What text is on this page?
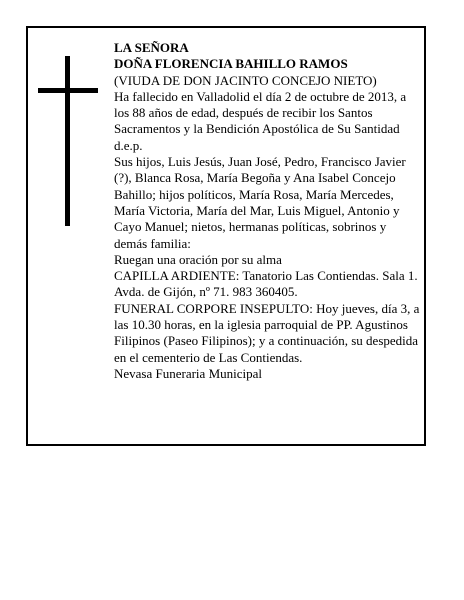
LA SEÑORA

DOÑA FLORENCIA BAHILLO RAMOS

(VIUDA DE DON JACINTO CONCEJO NIETO)

Ha fallecido en Valladolid el día 2 de octubre de 2013, a los 88 años de edad, después de recibir los Santos Sacramentos y la Bendición Apostólica de Su Santidad

d.e.p.

Sus hijos, Luis Jesús, Juan José, Pedro, Francisco Javier (?), Blanca Rosa, María Begoña y Ana Isabel Concejo Bahillo; hijos políticos, María Rosa, María Mercedes, María Victoria, María del Mar, Luis Miguel, Antonio y Cayo Manuel; nietos, hermanas políticas, sobrinos y demás familia:

Ruegan una oración por su alma

CAPILLA ARDIENTE: Tanatorio Las Contiendas. Sala 1. Avda. de Gijón, nº 71. 983 360405.

FUNERAL CORPORE INSEPULTO: Hoy jueves, día 3, a las 10.30 horas, en la iglesia parroquial de PP. Agustinos Filipinos (Paseo Filipinos); y a continuación, su despedida en el cementerio de Las Contiendas.

Nevasa Funeraria Municipal
